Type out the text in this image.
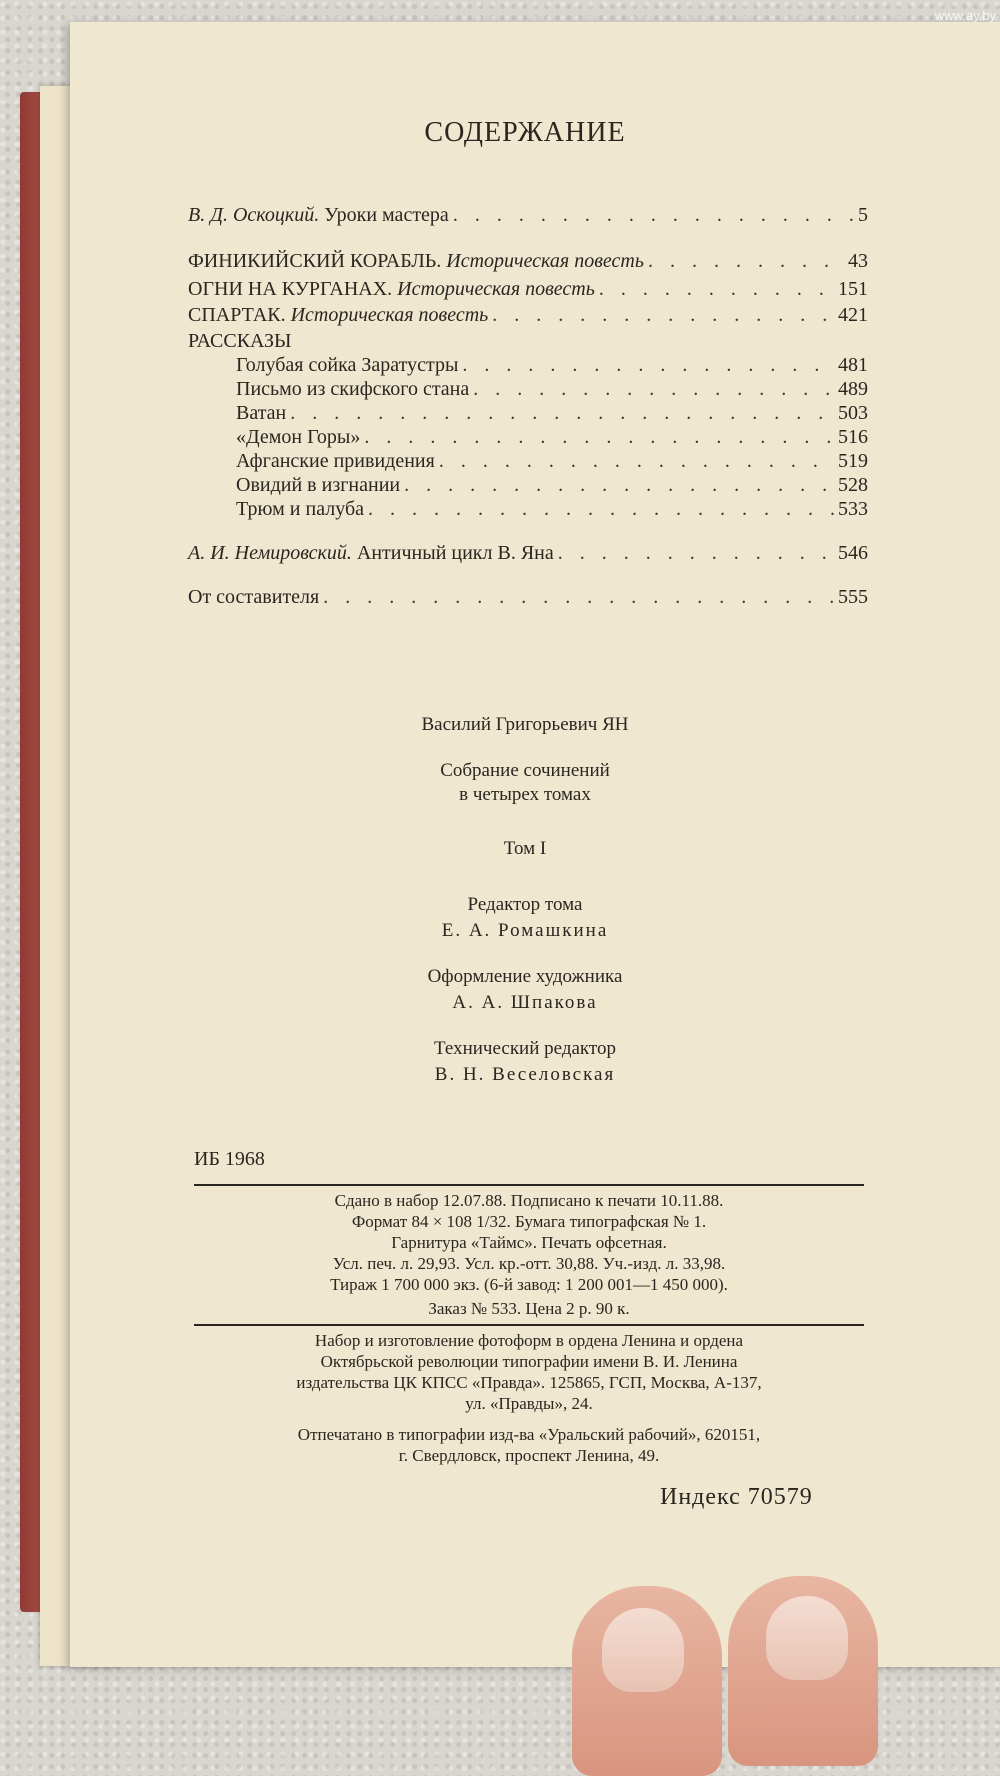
СОДЕРЖАНИЕ
В. Д. Оскоцкий. Уроки мастера . . .	5
ФИНИКИЙСКИЙ КОРАБЛЬ. Историческая повесть . . .	43
ОГНИ НА КУРГАНАХ. Историческая повесть . . .	151
СПАРТАК. Историческая повесть . . .	421
РАССКАЗЫ
Голубая сойка Заратустры . . .	481
Письмо из скифского стана . . .	489
Ватан . . .	503
«Демон Горы» . . .	516
Афганские привидения . . .	519
Овидий в изгнании . . .	528
Трюм и палуба . . .	533
А. И. Немировский. Античный цикл В. Яна . . .	546
От составителя . . .	555
Василий Григорьевич ЯН
Собрание сочинений
в четырех томах
Том I
Редактор тома
Е. А. Ромашкина
Оформление художника
А. А. Шпакова
Технический редактор
В. Н. Веселовская
ИБ 1968
Сдано в набор 12.07.88. Подписано к печати 10.11.88.
Формат 84 × 108 1/32. Бумага типографская № 1.
Гарнитура «Таймс». Печать офсетная.
Усл. печ. л. 29,93. Усл. кр.-отт. 30,88. Уч.-изд. л. 33,98.
Тираж 1 700 000 экз. (6-й завод: 1 200 001—1 450 000).
Заказ № 533. Цена 2 р. 90 к.
Набор и изготовление фотоформ в ордена Ленина и ордена
Октябрьской революции типографии имени В. И. Ленина
издательства ЦК КПСС «Правда». 125865, ГСП, Москва, А-137,
ул. «Правды», 24.
Отпечатано в типографии изд-ва «Уральский рабочий», 620151,
г. Свердловск, проспект Ленина, 49.
Индекс 70579
www.ay.by
